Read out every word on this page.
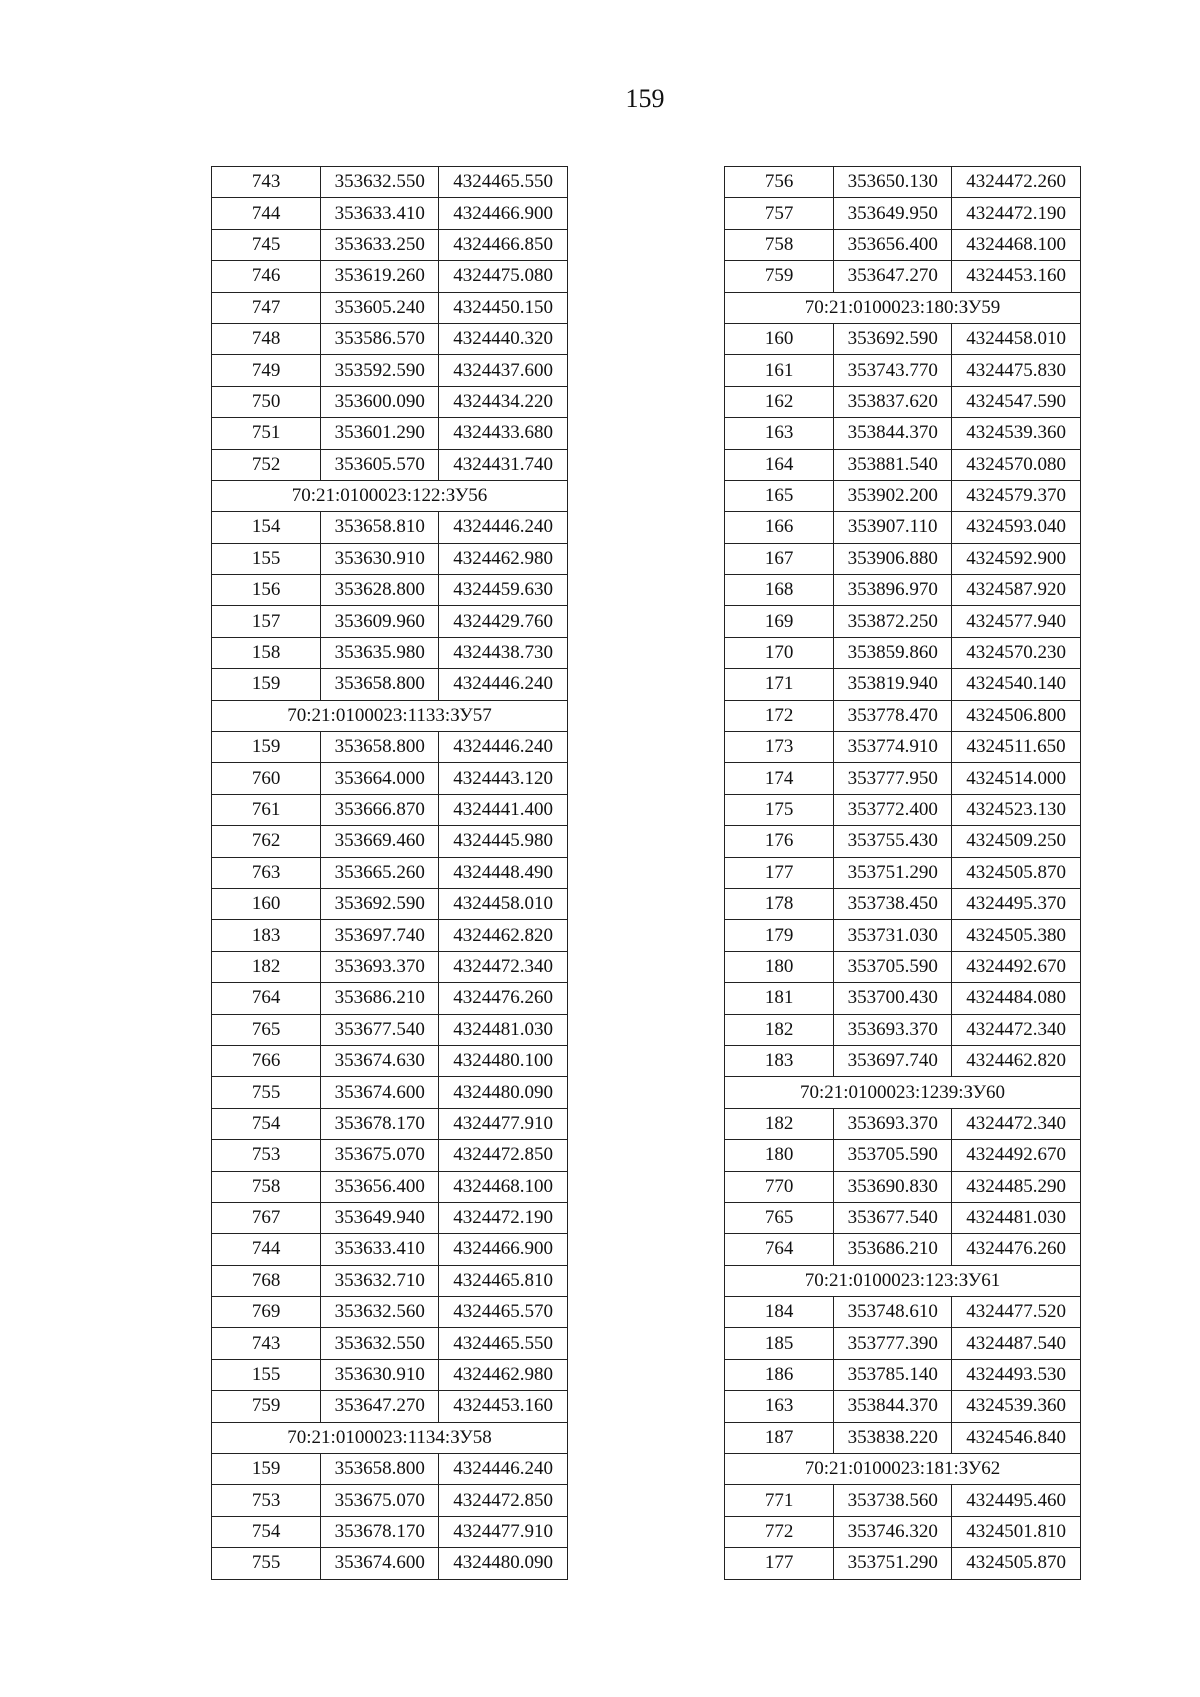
159
743	353632.550	4324465.550
744	353633.410	4324466.900
745	353633.250	4324466.850
746	353619.260	4324475.080
747	353605.240	4324450.150
748	353586.570	4324440.320
749	353592.590	4324437.600
750	353600.090	4324434.220
751	353601.290	4324433.680
752	353605.570	4324431.740
70:21:0100023:122:ЗУ56		
154	353658.810	4324446.240
155	353630.910	4324462.980
156	353628.800	4324459.630
157	353609.960	4324429.760
158	353635.980	4324438.730
159	353658.800	4324446.240
70:21:0100023:1133:ЗУ57		
159	353658.800	4324446.240
760	353664.000	4324443.120
761	353666.870	4324441.400
762	353669.460	4324445.980
763	353665.260	4324448.490
160	353692.590	4324458.010
183	353697.740	4324462.820
182	353693.370	4324472.340
764	353686.210	4324476.260
765	353677.540	4324481.030
766	353674.630	4324480.100
755	353674.600	4324480.090
754	353678.170	4324477.910
753	353675.070	4324472.850
758	353656.400	4324468.100
767	353649.940	4324472.190
744	353633.410	4324466.900
768	353632.710	4324465.810
769	353632.560	4324465.570
743	353632.550	4324465.550
155	353630.910	4324462.980
759	353647.270	4324453.160
70:21:0100023:1134:ЗУ58		
159	353658.800	4324446.240
753	353675.070	4324472.850
754	353678.170	4324477.910
755	353674.600	4324480.090
756	353650.130	4324472.260
757	353649.950	4324472.190
758	353656.400	4324468.100
759	353647.270	4324453.160
70:21:0100023:180:ЗУ59		
160	353692.590	4324458.010
161	353743.770	4324475.830
162	353837.620	4324547.590
163	353844.370	4324539.360
164	353881.540	4324570.080
165	353902.200	4324579.370
166	353907.110	4324593.040
167	353906.880	4324592.900
168	353896.970	4324587.920
169	353872.250	4324577.940
170	353859.860	4324570.230
171	353819.940	4324540.140
172	353778.470	4324506.800
173	353774.910	4324511.650
174	353777.950	4324514.000
175	353772.400	4324523.130
176	353755.430	4324509.250
177	353751.290	4324505.870
178	353738.450	4324495.370
179	353731.030	4324505.380
180	353705.590	4324492.670
181	353700.430	4324484.080
182	353693.370	4324472.340
183	353697.740	4324462.820
70:21:0100023:1239:ЗУ60		
182	353693.370	4324472.340
180	353705.590	4324492.670
770	353690.830	4324485.290
765	353677.540	4324481.030
764	353686.210	4324476.260
70:21:0100023:123:ЗУ61		
184	353748.610	4324477.520
185	353777.390	4324487.540
186	353785.140	4324493.530
163	353844.370	4324539.360
187	353838.220	4324546.840
70:21:0100023:181:ЗУ62		
771	353738.560	4324495.460
772	353746.320	4324501.810
177	353751.290	4324505.870
